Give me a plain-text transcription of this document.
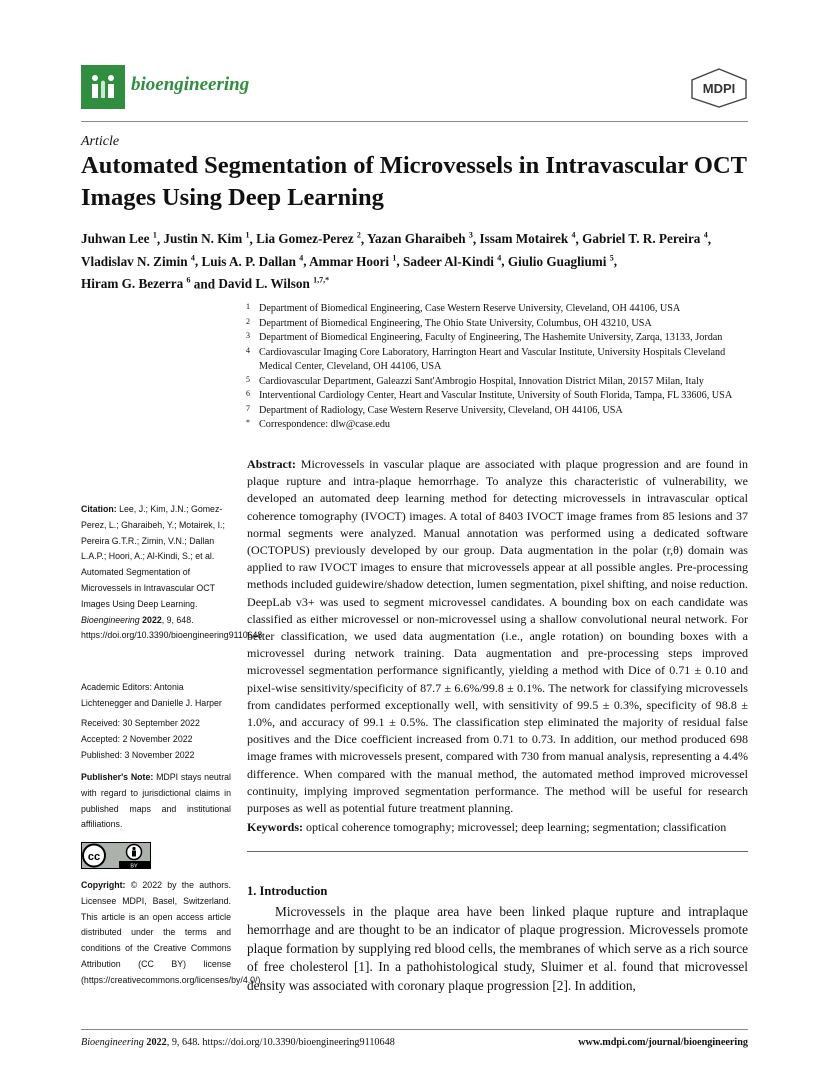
bioengineering	MDPI
Article
Automated Segmentation of Microvessels in Intravascular OCT Images Using Deep Learning
Juhwan Lee $^1$, Justin N. Kim $^1$, Lia Gomez-Perez $^2$, Yazan Gharaibeh $^3$, Issam Motairek $^4$, Gabriel T. R. Pereira $^4$,
Vladislav N. Zimin $^4$, Luis A. P. Dallan $^4$, Ammar Hoori $^1$, Sadeer Al-Kindi $^4$, Giulio Guagliumi $^5$,
Hiram G. Bezerra $^6$ and David L. Wilson $^{1,7,*}$
1 Department of Biomedical Engineering, Case Western Reserve University, Cleveland, OH 44106, USA
2 Department of Biomedical Engineering, The Ohio State University, Columbus, OH 43210, USA
3 Department of Biomedical Engineering, Faculty of Engineering, The Hashemite University, Zarqa, 13133, Jordan
4 Cardiovascular Imaging Core Laboratory, Harrington Heart and Vascular Institute, University Hospitals Cleveland Medical Center, Cleveland, OH 44106, USA
5 Cardiovascular Department, Galeazzi Sant'Ambrogio Hospital, Innovation District Milan, 20157 Milan, Italy
6 Interventional Cardiology Center, Heart and Vascular Institute, University of South Florida, Tampa, FL 33606, USA
7 Department of Radiology, Case Western Reserve University, Cleveland, OH 44106, USA
* Correspondence: dlw@case.edu
Abstract: Microvessels in vascular plaque are associated with plaque progression and are found in plaque rupture and intra-plaque hemorrhage. To analyze this characteristic of vulnerability, we developed an automated deep learning method for detecting microvessels in intravascular optical coherence tomography (IVOCT) images. A total of 8403 IVOCT image frames from 85 lesions and 37 normal segments were analyzed. Manual annotation was performed using a dedicated software (OCTOPUS) previously developed by our group. Data augmentation in the polar (r,θ) domain was applied to raw IVOCT images to ensure that microvessels appear at all possible angles. Pre-processing methods included guidewire/shadow detection, lumen segmentation, pixel shifting, and noise reduction. DeepLab v3+ was used to segment microvessel candidates. A bounding box on each candidate was classified as either microvessel or non-microvessel using a shallow convolutional neural network. For better classification, we used data augmentation (i.e., angle rotation) on bounding boxes with a microvessel during network training. Data augmentation and pre-processing steps improved microvessel segmentation performance significantly, yielding a method with Dice of 0.71 ± 0.10 and pixel-wise sensitivity/specificity of 87.7 ± 6.6%/99.8 ± 0.1%. The network for classifying microvessels from candidates performed exceptionally well, with sensitivity of 99.5 ± 0.3%, specificity of 98.8 ± 1.0%, and accuracy of 99.1 ± 0.5%. The classification step eliminated the majority of residual false positives and the Dice coefficient increased from 0.71 to 0.73. In addition, our method produced 698 image frames with microvessels present, compared with 730 from manual analysis, representing a 4.4% difference. When compared with the manual method, the automated method improved microvessel continuity, implying improved segmentation performance. The method will be useful for research purposes as well as potential future treatment planning.
Keywords: optical coherence tomography; microvessel; deep learning; segmentation; classification
1. Introduction
Microvessels in the plaque area have been linked plaque rupture and intraplaque hemorrhage and are thought to be an indicator of plaque progression. Microvessels promote plaque formation by supplying red blood cells, the membranes of which serve as a rich source of free cholesterol [1]. In a pathohistological study, Sluimer et al. found that microvessel density was associated with coronary plaque progression [2]. In addition,
Citation: Lee, J.; Kim, J.N.; Gomez-Perez, L.; Gharaibeh, Y.; Motairek, I.; Pereira G.T.R.; Zimin, V.N.; Dallan L.A.P.; Hoori, A.; Al-Kindi, S.; et al. Automated Segmentation of Microvessels in Intravascular OCT Images Using Deep Learning. Bioengineering 2022, 9, 648. https://doi.org/10.3390/bioengineering9110648
Academic Editors: Antonia Lichtenegger and Danielle J. Harper
Received: 30 September 2022
Accepted: 2 November 2022
Published: 3 November 2022
Publisher's Note: MDPI stays neutral with regard to jurisdictional claims in published maps and institutional affiliations.
cc
BY
Copyright: © 2022 by the authors. Licensee MDPI, Basel, Switzerland. This article is an open access article distributed under the terms and conditions of the Creative Commons Attribution (CC BY) license (https://creativecommons.org/licenses/by/4.0/).
Bioengineering 2022, 9, 648. https://doi.org/10.3390/bioengineering9110648	www.mdpi.com/journal/bioengineering
